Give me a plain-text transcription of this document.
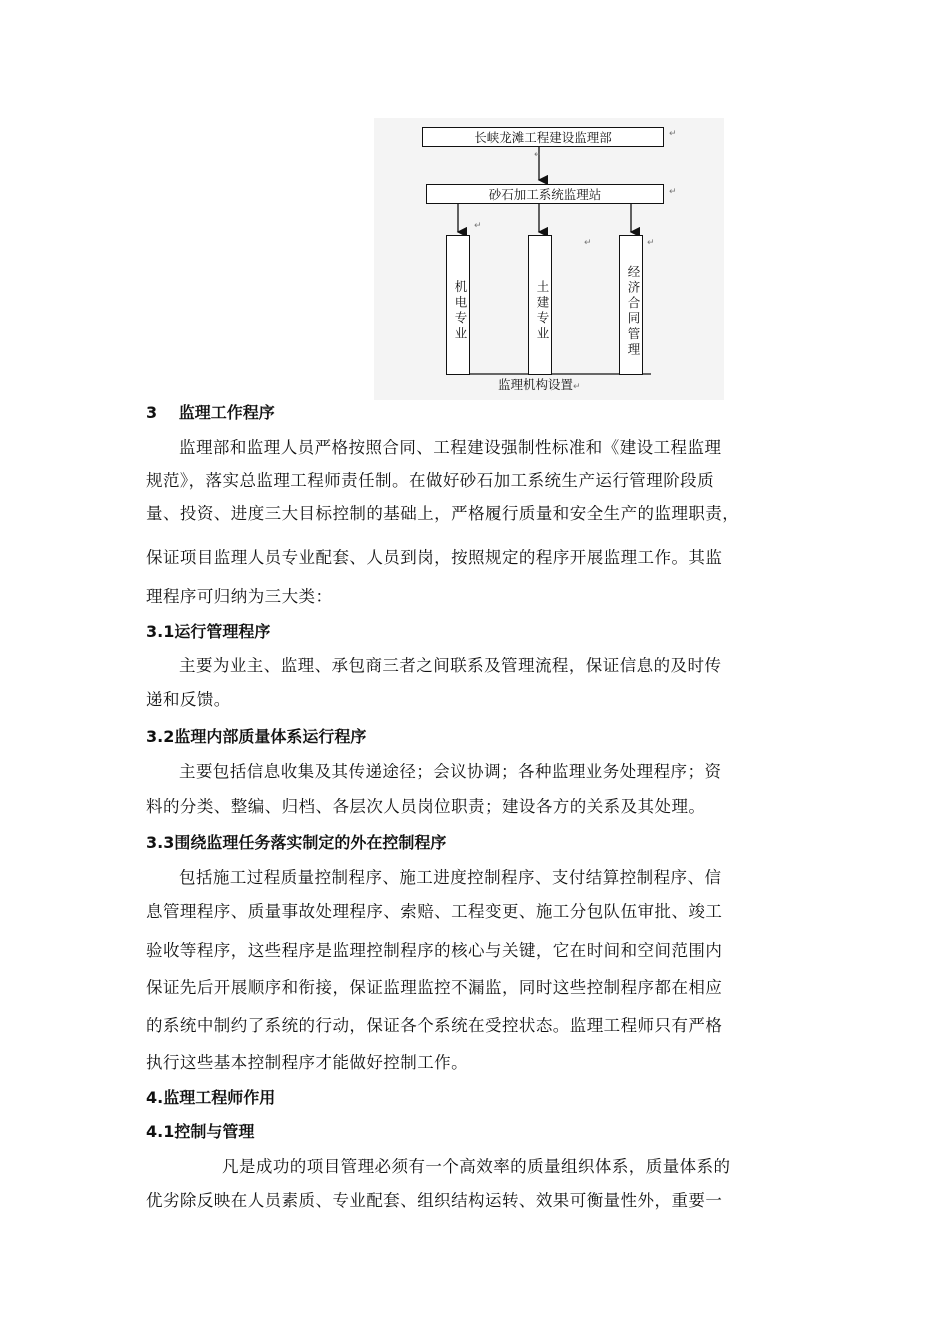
长峡龙滩工程建设监理部
砂石加工系统监理站
机电专业	土建专业	经济合同管理
↵
↵
↵
↵
↵	↵
监理机构设置↵
3　 监理工作程序
监理部和监理人员严格按照合同、工程建设强制性标准和《建设工程监理
规范》，落实总监理工程师责任制。在做好砂石加工系统生产运行管理阶段质
量、投资、进度三大目标控制的基础上，严格履行质量和安全生产的监理职责，
保证项目监理人员专业配套、人员到岗，按照规定的程序开展监理工作。其监
理程序可归纳为三大类：
3.1运行管理程序
主要为业主、监理、承包商三者之间联系及管理流程，保证信息的及时传
递和反馈。
3.2监理内部质量体系运行程序
主要包括信息收集及其传递途径；会议协调；各种监理业务处理程序；资
料的分类、整编、归档、各层次人员岗位职责；建设各方的关系及其处理。
3.3围绕监理任务落实制定的外在控制程序
包括施工过程质量控制程序、施工进度控制程序、支付结算控制程序、信
息管理程序、质量事故处理程序、索赔、工程变更、施工分包队伍审批、竣工
验收等程序，这些程序是监理控制程序的核心与关键，它在时间和空间范围内
保证先后开展顺序和衔接，保证监理监控不漏监，同时这些控制程序都在相应
的系统中制约了系统的行动，保证各个系统在受控状态。监理工程师只有严格
执行这些基本控制程序才能做好控制工作。
4.监理工程师作用
4.1控制与管理
凡是成功的项目管理必须有一个高效率的质量组织体系，质量体系的
优劣除反映在人员素质、专业配套、组织结构运转、效果可衡量性外，重要一
